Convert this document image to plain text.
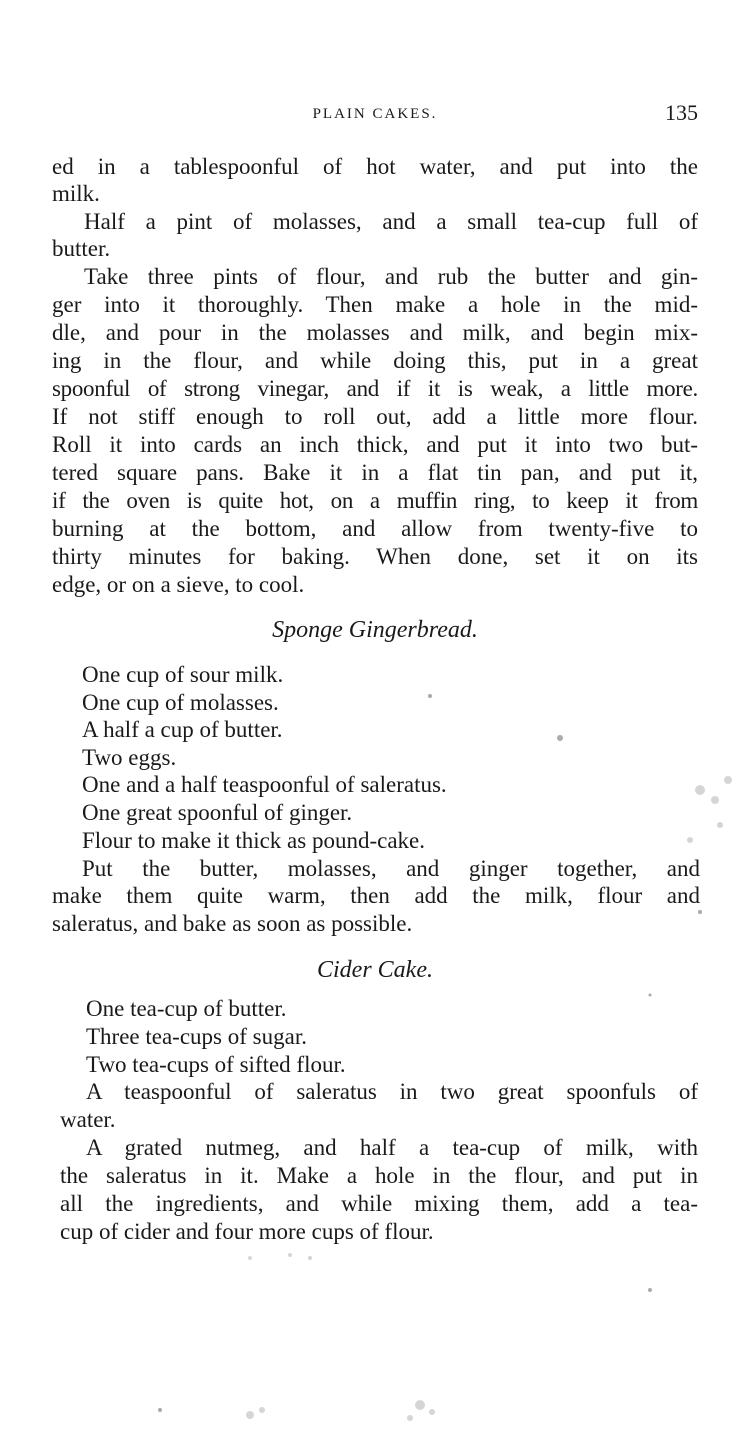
PLAIN CAKES.	135
ed in a tablespoonful of hot water, and put into the
milk.
Half a pint of molasses, and a small tea-cup full of
butter.
Take three pints of flour, and rub the butter and gin-
ger into it thoroughly. Then make a hole in the mid-
dle, and pour in the molasses and milk, and begin mix-
ing in the flour, and while doing this, put in a great
spoonful of strong vinegar, and if it is weak, a little more.
If not stiff enough to roll out, add a little more flour.
Roll it into cards an inch thick, and put it into two but-
tered square pans. Bake it in a flat tin pan, and put it,
if the oven is quite hot, on a muffin ring, to keep it from
burning at the bottom, and allow from twenty-five to
thirty minutes for baking. When done, set it on its
edge, or on a sieve, to cool.
Sponge Gingerbread.
One cup of sour milk.
One cup of molasses.
A half a cup of butter.
Two eggs.
One and a half teaspoonful of saleratus.
One great spoonful of ginger.
Flour to make it thick as pound-cake.
Put the butter, molasses, and ginger together, and
make them quite warm, then add the milk, flour and
saleratus, and bake as soon as possible.
Cider Cake.
One tea-cup of butter.
Three tea-cups of sugar.
Two tea-cups of sifted flour.
A teaspoonful of saleratus in two great spoonfuls of
water.
A grated nutmeg, and half a tea-cup of milk, with
the saleratus in it. Make a hole in the flour, and put in
all the ingredients, and while mixing them, add a tea-
cup of cider and four more cups of flour.
